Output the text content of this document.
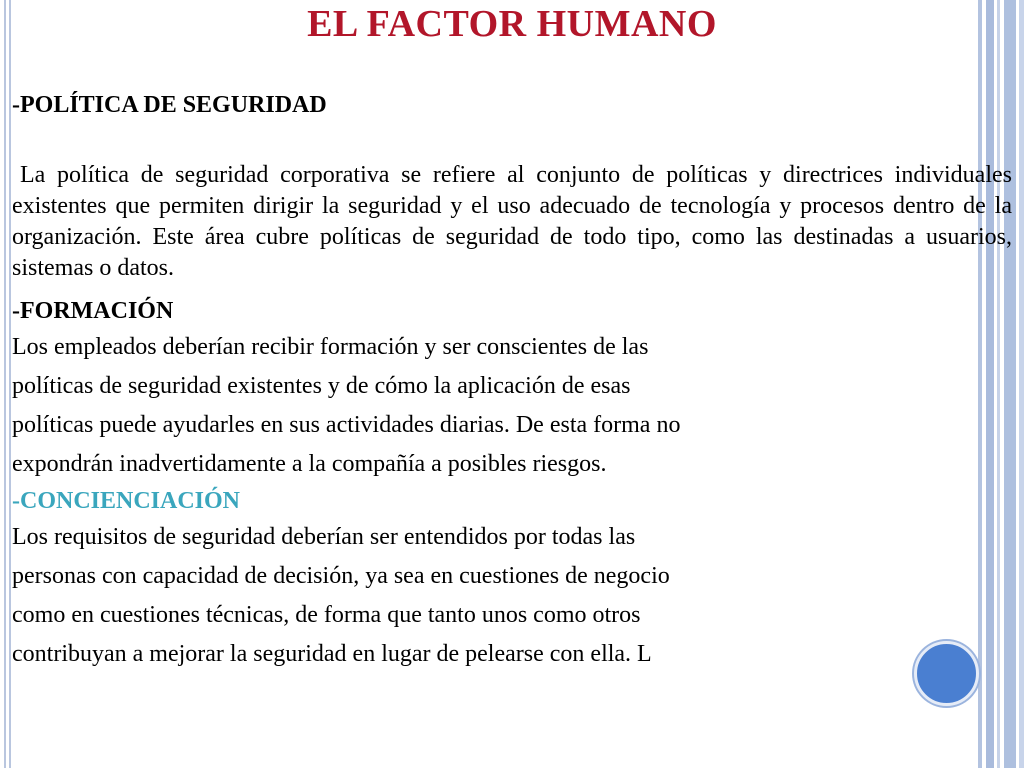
EL FACTOR HUMANO

-POLÍTICA DE SEGURIDAD

La política de seguridad corporativa se refiere al conjunto de políticas y directrices individuales existentes que permiten dirigir la seguridad y el uso adecuado de tecnología y procesos dentro de la organización. Este área cubre políticas de seguridad de todo tipo, como las destinadas a usuarios, sistemas o datos.

-FORMACIÓN

Los empleados deberían recibir formación y ser conscientes de las
políticas de seguridad existentes y de cómo la aplicación de esas
políticas puede ayudarles en sus actividades diarias. De esta forma no
expondrán inadvertidamente a la compañía a posibles riesgos.

-CONCIENCIACIÓN

Los requisitos de seguridad deberían ser entendidos por todas las
personas con capacidad de decisión, ya sea en cuestiones de negocio
como en cuestiones técnicas, de forma que tanto unos como otros
contribuyan a mejorar la seguridad en lugar de pelearse con ella. L
